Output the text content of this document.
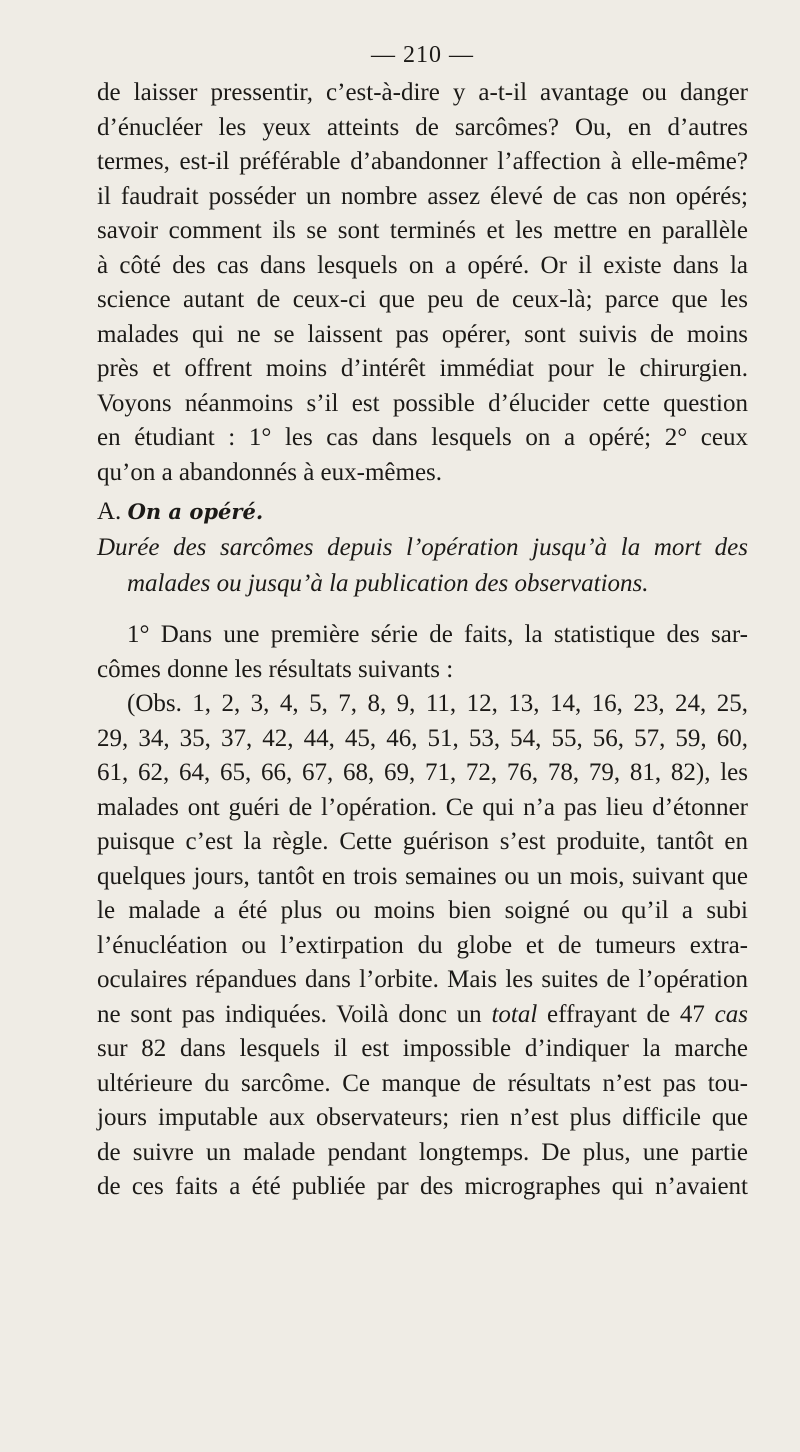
— 210 —

de laisser pressentir, c’est-à-dire y a-t-il avantage ou danger
d’énucléer les yeux atteints de sarcômes? Ou, en d’autres
termes, est-il préférable d’abandonner l’affection à elle-même?
il faudrait posséder un nombre assez élevé de cas non opérés;
savoir comment ils se sont terminés et les mettre en parallèle
à côté des cas dans lesquels on a opéré. Or il existe dans la
science autant de ceux-ci que peu de ceux-là; parce que les
malades qui ne se laissent pas opérer, sont suivis de moins
près et offrent moins d’intérêt immédiat pour le chirurgien.
Voyons néanmoins s’il est possible d’élucider cette question
en étudiant : 1° les cas dans lesquels on a opéré; 2° ceux
qu’on a abandonnés à eux-mêmes.

A. On a opéré.
Durée des sarcômes depuis l’opération jusqu’à la mort des
malades ou jusqu’à la publication des observations.

1° Dans une première série de faits, la statistique des sar-
cômes donne les résultats suivants :
(Obs. 1, 2, 3, 4, 5, 7, 8, 9, 11, 12, 13, 14, 16, 23, 24, 25,
29, 34, 35, 37, 42, 44, 45, 46, 51, 53, 54, 55, 56, 57, 59, 60,
61, 62, 64, 65, 66, 67, 68, 69, 71, 72, 76, 78, 79, 81, 82), les
malades ont guéri de l’opération. Ce qui n’a pas lieu d’étonner
puisque c’est la règle. Cette guérison s’est produite, tantôt en
quelques jours, tantôt en trois semaines ou un mois, suivant que
le malade a été plus ou moins bien soigné ou qu’il a subi
l’énucléation ou l’extirpation du globe et de tumeurs extra-
oculaires répandues dans l’orbite. Mais les suites de l’opération
ne sont pas indiquées. Voilà donc un total effrayant de 47 cas
sur 82 dans lesquels il est impossible d’indiquer la marche
ultérieure du sarcôme. Ce manque de résultats n’est pas tou-
jours imputable aux observateurs; rien n’est plus difficile que
de suivre un malade pendant longtemps. De plus, une partie
de ces faits a été publiée par des micrographes qui n’avaient
